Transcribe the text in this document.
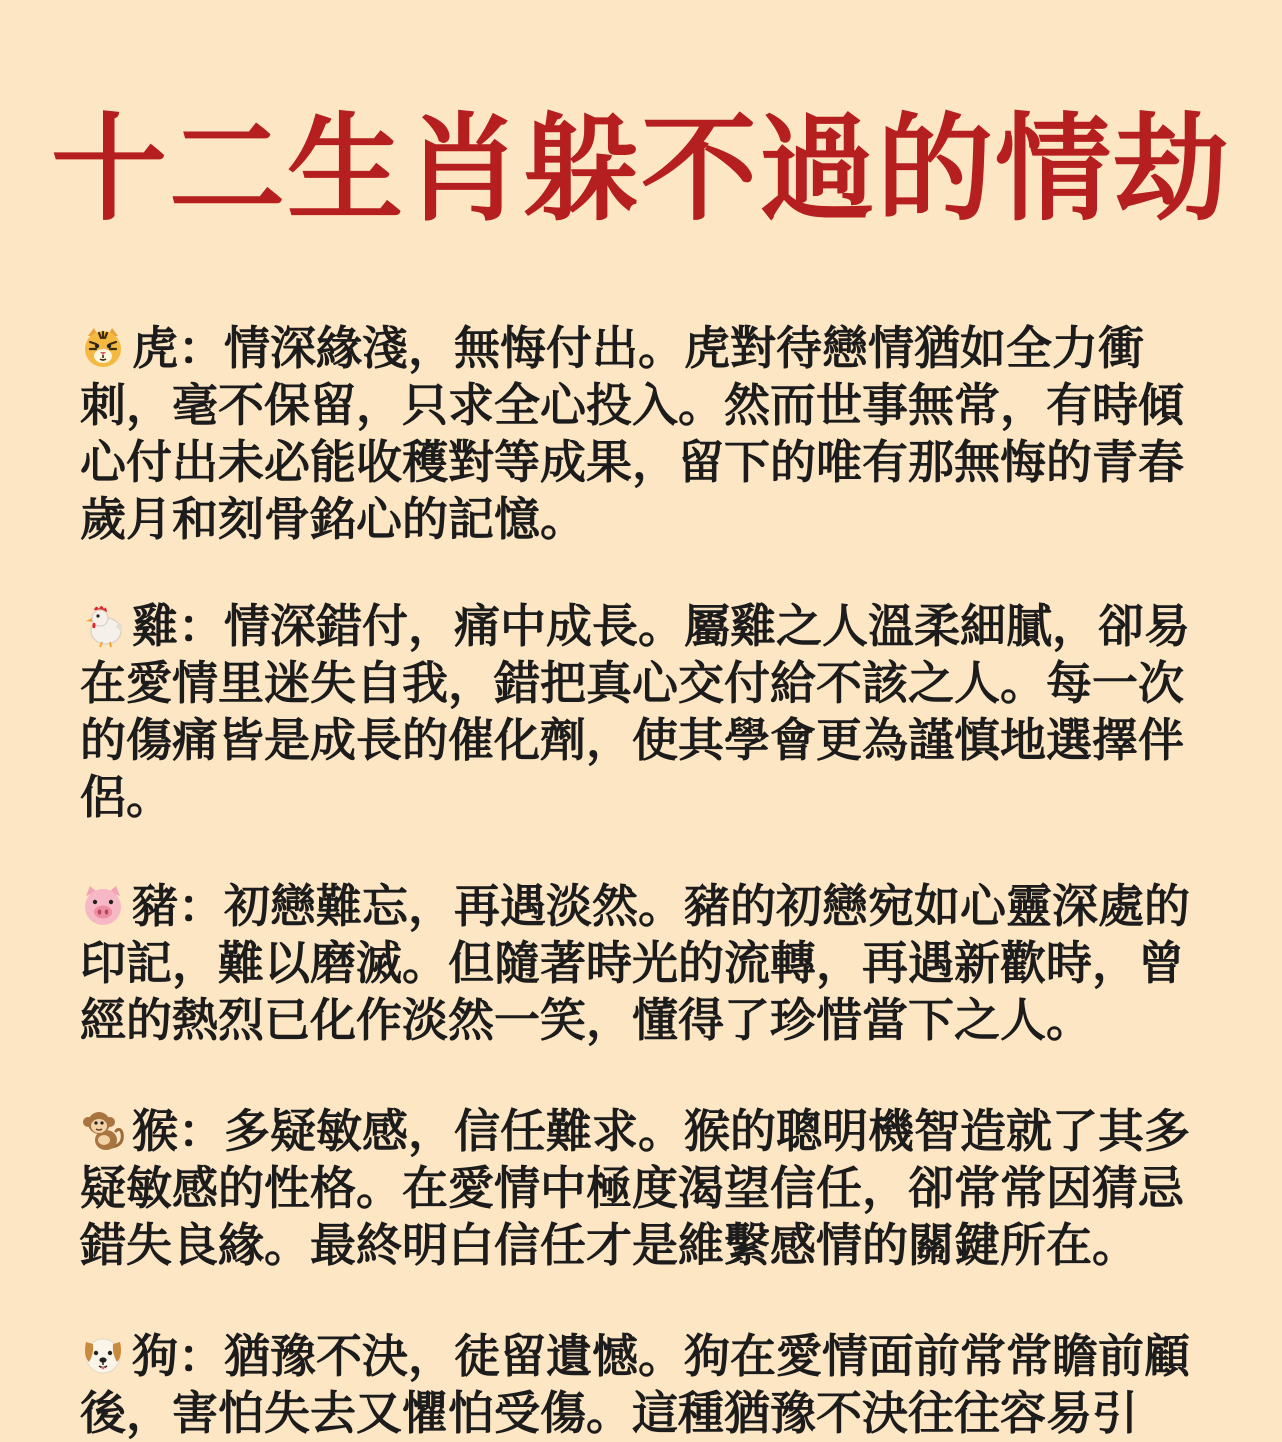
十二生肖躲不過的情劫

虎：情深緣淺，無悔付出。虎對待戀情猶如全力衝刺，毫不保留，只求全心投入。然而世事無常，有時傾心付出未必能收穫對等成果，留下的唯有那無悔的青春歲月和刻骨銘心的記憶。

雞：情深錯付，痛中成長。屬雞之人溫柔細膩，卻易在愛情里迷失自我，錯把真心交付給不該之人。每一次的傷痛皆是成長的催化劑，使其學會更為謹慎地選擇伴侶。

豬：初戀難忘，再遇淡然。豬的初戀宛如心靈深處的印記，難以磨滅。但隨著時光的流轉，再遇新歡時，曾經的熱烈已化作淡然一笑，懂得了珍惜當下之人。

猴：多疑敏感，信任難求。猴的聰明機智造就了其多疑敏感的性格。在愛情中極度渴望信任，卻常常因猜忌錯失良緣。最終明白信任才是維繫感情的關鍵所在。

狗：猶豫不決，徒留遺憾。狗在愛情面前常常瞻前顧後，害怕失去又懼怕受傷。這種猶豫不決往往容易引
